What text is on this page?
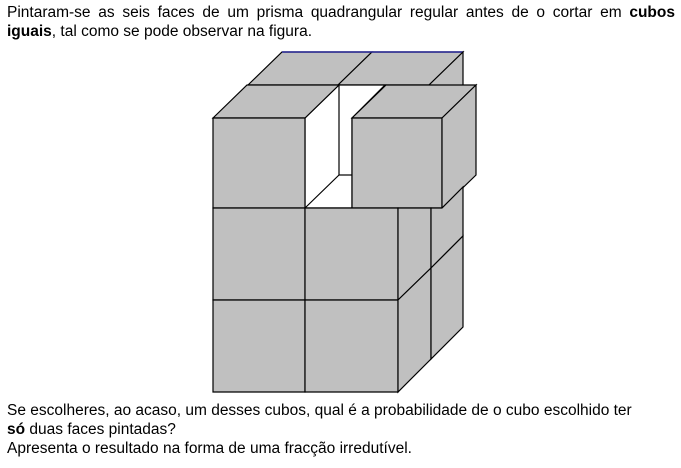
Pintaram-se as seis faces de um prisma quadrangular regular antes de o cortar em cubos
iguais, tal como se pode observar na figura.
Se escolheres, ao acaso, um desses cubos, qual é a probabilidade de o cubo escolhido ter
só duas faces pintadas?
Apresenta o resultado na forma de uma fracção irredutível.
